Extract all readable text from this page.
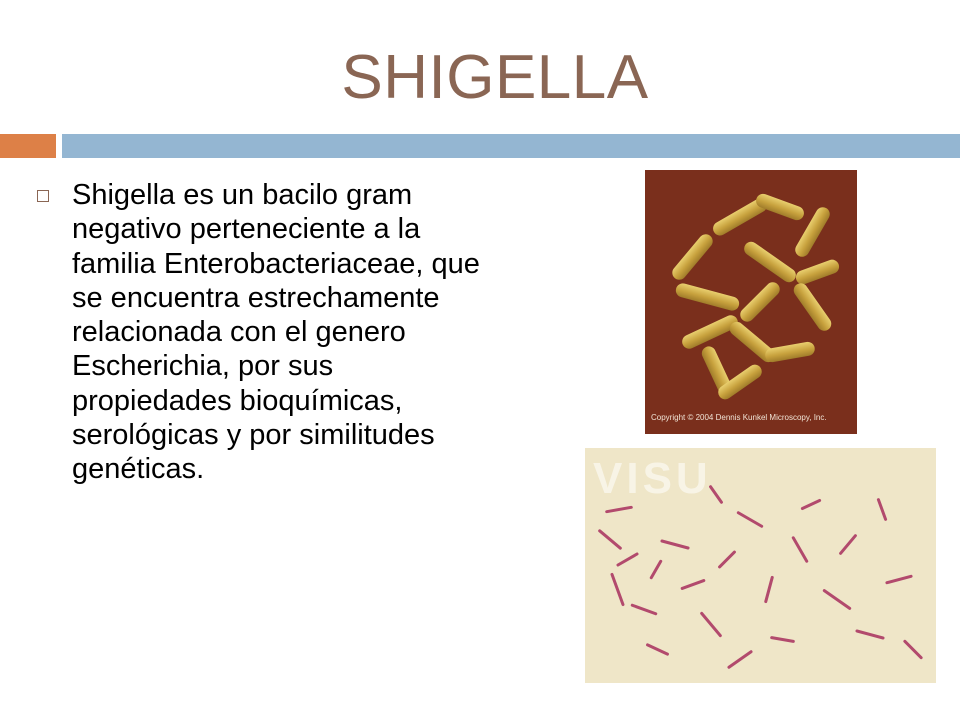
SHIGELLA
Shigella es un bacilo gram negativo perteneciente a la familia Enterobacteriaceae, que se encuentra estrechamente relacionada con el genero Escherichia, por sus propiedades bioquímicas, serológicas y por similitudes genéticas.
Copyright © 2004 Dennis Kunkel Microscopy, Inc.
VISU
